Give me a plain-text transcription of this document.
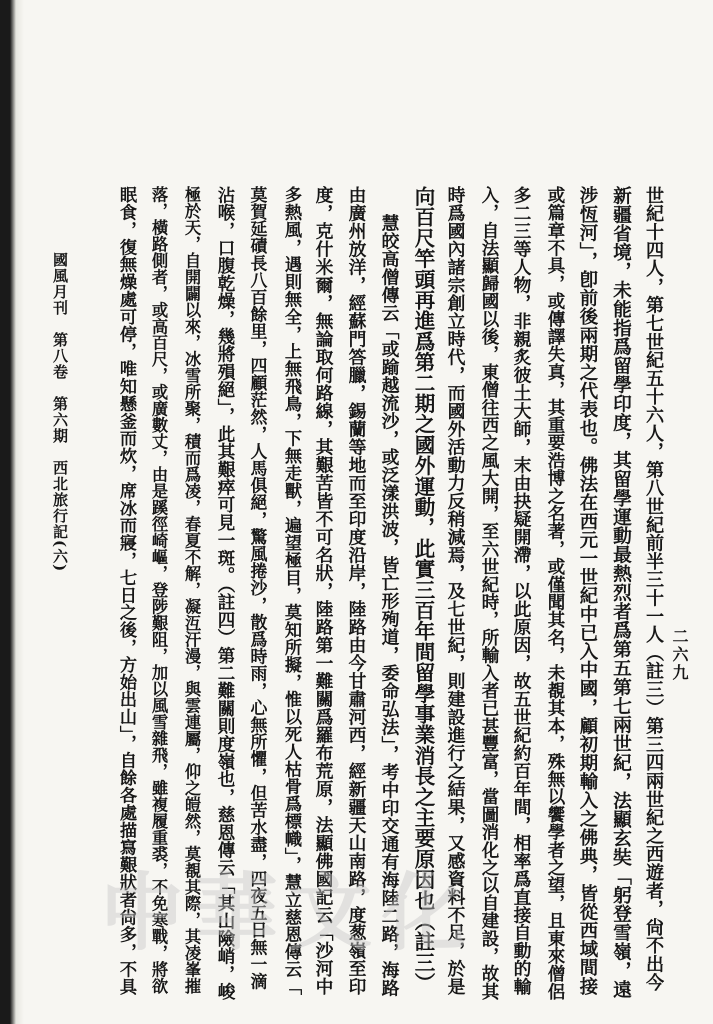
二六九
世紀十四人，第七世紀五十六人，第八世紀前半三十一人（註三）第三四兩世紀之西遊者，尙不出今
新疆省境，未能指爲留學印度，其留學運動最熱烈者爲第五第七兩世紀，法顯玄奘「躬登雪嶺，遠
涉恆河」，卽前後兩期之代表也。佛法在西元一世紀中已入中國，顧初期輸入之佛典，皆從西域間接
或篇章不具，或傳譯失真，其重要浩博之名著，或僅聞其名，未覩其本，殊無以饗學者之望，且東來僧侶
多二三等人物，非親炙彼土大師，末由抉疑開滯，以此原因，故五世紀約百年間，相率爲直接自動的輸
入，自法顯歸國以後，東僧往西之風大開，至六世紀時，所輸入者已甚豐富，當圖消化之以自建設，故其
時爲國內諸宗創立時代，而國外活動力反稍減焉，及七世紀，則建設進行之結果，又感資料不足，於是
向百尺竿頭再進爲第二期之國外運動，此實三百年間留學事業消長之主要原因也（註三）
慧皎高僧傳云「或踰越流沙，或泛漾洪波，皆亡形殉道，委命弘法」，考中印交通有海陸二路，海路
由廣州放洋，經蘇門答臘，錫蘭等地而至印度沿岸，陸路由今甘肅河西，經新疆天山南路，度葱嶺至印
度，克什米爾，無論取何路線，其艱苦皆不可名狀，陸路第一難關爲羅布荒原，法顯佛國記云「沙河中
多熱風，遇則無全，上無飛鳥，下無走獸，遍望極目，莫知所擬，惟以死人枯骨爲標幟」，慧立慈恩傳云「
莫賀延磧長八百餘里，四顧茫然，人馬俱絕，驚風捲沙，散爲時雨，心無所懼，但苦水盡，四夜五日無一滴
沾喉，口腹乾燥，幾將殞絕」，此其艱瘁可見一斑。（註四）第二難關則度嶺也，慈恩傳云「其山險峭，峻
極於天，自開闢以來，冰雪所聚，積而爲凌，春夏不解，凝沍汗漫，與雲連屬，仰之皚然，莫覩其際，其凌峯摧
落，橫路側者，或高百尺，或廣數丈，由是蹊徑崎嶇，登陟艱阻，加以風雪雜飛，雖複履重裘，不免寒戰，將欲
眠食，復無燥處可停，唯知懸釜而炊，席冰而寢，七日之後，方始出山」，自餘各處描寫艱狀者尙多，不具
國風月刊　第八卷　第六期　西北旅行記(六)
中華文化
